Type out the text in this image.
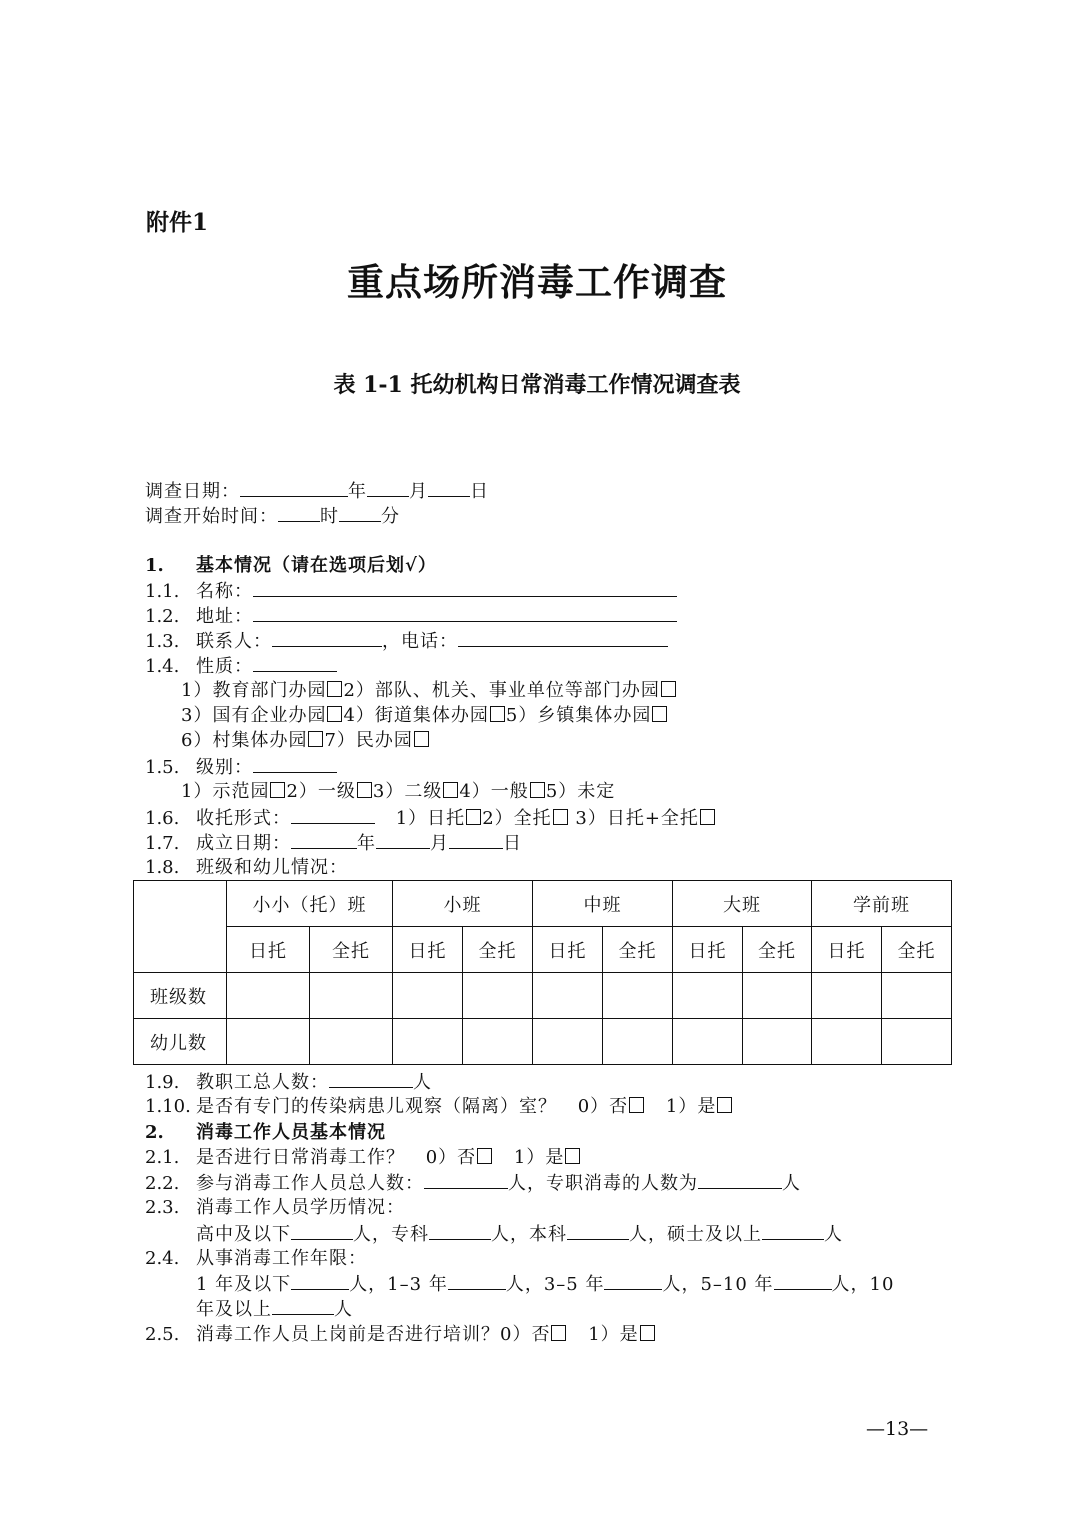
附件1
重点场所消毒工作调查
表 1-1 托幼机构日常消毒工作情况调查表
调查日期：	年 月 日
调查开始时间： 时 分
1. 基本情况（请在选项后划√）
1.1. 名称：
1.2. 地址：
1.3. 联系人：	，电话：
1.4. 性质：
1）教育部门办园 2）部队、机关、事业单位等部门办园
3）国有企业办园 4）街道集体办园 5）乡镇集体办园
6）村集体办园 7）民办园
1.5. 级别：
1）示范园 2）一级 3）二级 4）一般 5）未定
1.6. 收托形式：	1）日托 2）全托 3）日托+全托
1.7. 成立日期：	年	月	日
1.8. 班级和幼儿情况：
	小小（托）班		小班		中班		大班		学前班	
	日托	全托	日托	全托	日托	全托	日托	全托	日托	全托
班级数										
幼儿数										
1.9. 教职工总人数：	人
1.10. 是否有专门的传染病患儿观察（隔离）室？ 0）否 1）是
2. 消毒工作人员基本情况
2.1. 是否进行日常消毒工作？ 0）否 1）是
2.2. 参与消毒工作人员总人数：	人，专职消毒的人数为	人
2.3. 消毒工作人员学历情况：
高中及以下	人，专科	人，本科	人，硕士及以上	人
2.4. 从事消毒工作年限：
1 年及以下	人，1–3 年	人，3–5 年	人，5–10 年	人，10
年及以上	人
2.5. 消毒工作人员上岗前是否进行培训？0）否 1）是
—13—
